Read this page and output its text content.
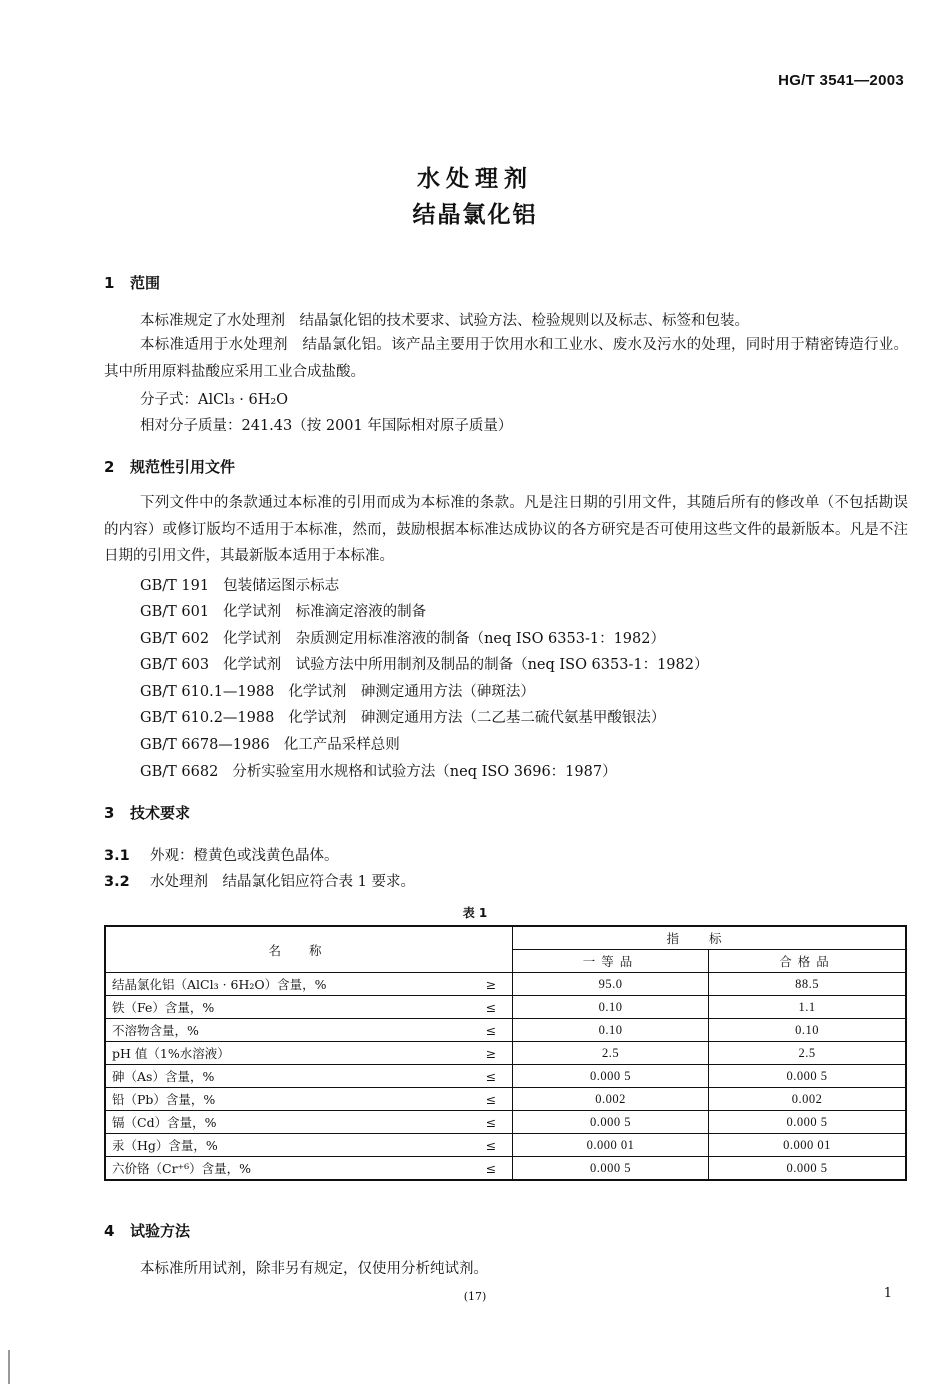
HG/T 3541—2003
水处理剂
结晶氯化铝
1 范围
本标准规定了水处理剂　结晶氯化铝的技术要求、试验方法、检验规则以及标志、标签和包装。
本标准适用于水处理剂　结晶氯化铝。该产品主要用于饮用水和工业水、废水及污水的处理，同时用于精密铸造行业。其中所用原料盐酸应采用工业合成盐酸。
分子式：AlCl₃ · 6H₂O
相对分子质量：241.43（按 2001 年国际相对原子质量）
2 规范性引用文件
下列文件中的条款通过本标准的引用而成为本标准的条款。凡是注日期的引用文件，其随后所有的修改单（不包括勘误的内容）或修订版均不适用于本标准，然而，鼓励根据本标准达成协议的各方研究是否可使用这些文件的最新版本。凡是不注日期的引用文件，其最新版本适用于本标准。
GB/T 191 包装储运图示标志
GB/T 601 化学试剂　标准滴定溶液的制备
GB/T 602 化学试剂　杂质测定用标准溶液的制备（neq ISO 6353-1：1982）
GB/T 603 化学试剂　试验方法中所用制剂及制品的制备（neq ISO 6353-1：1982）
GB/T 610.1—1988 化学试剂　砷测定通用方法（砷斑法）
GB/T 610.2—1988 化学试剂　砷测定通用方法（二乙基二硫代氨基甲酸银法）
GB/T 6678—1986 化工产品采样总则
GB/T 6682 分析实验室用水规格和试验方法（neq ISO 3696：1987）
3 技术要求
3.1 外观：橙黄色或浅黄色晶体。
3.2 水处理剂　结晶氯化铝应符合表 1 要求。
表 1
名称		指标	
		一等品	合格品
结晶氯化铝（AlCl₃ · 6H₂O）含量，%	≥	95.0	88.5
铁（Fe）含量，%	≤	0.10	1.1
不溶物含量，%	≤	0.10	0.10
pH 值（1%水溶液）	≥	2.5	2.5
砷（As）含量，%	≤	0.000 5	0.000 5
铅（Pb）含量，%	≤	0.002	0.002
镉（Cd）含量，%	≤	0.000 5	0.000 5
汞（Hg）含量，%	≤	0.000 01	0.000 01
六价铬（Cr⁺⁶）含量，%	≤	0.000 5	0.000 5
4 试验方法
本标准所用试剂，除非另有规定，仅使用分析纯试剂。
(17)	1
